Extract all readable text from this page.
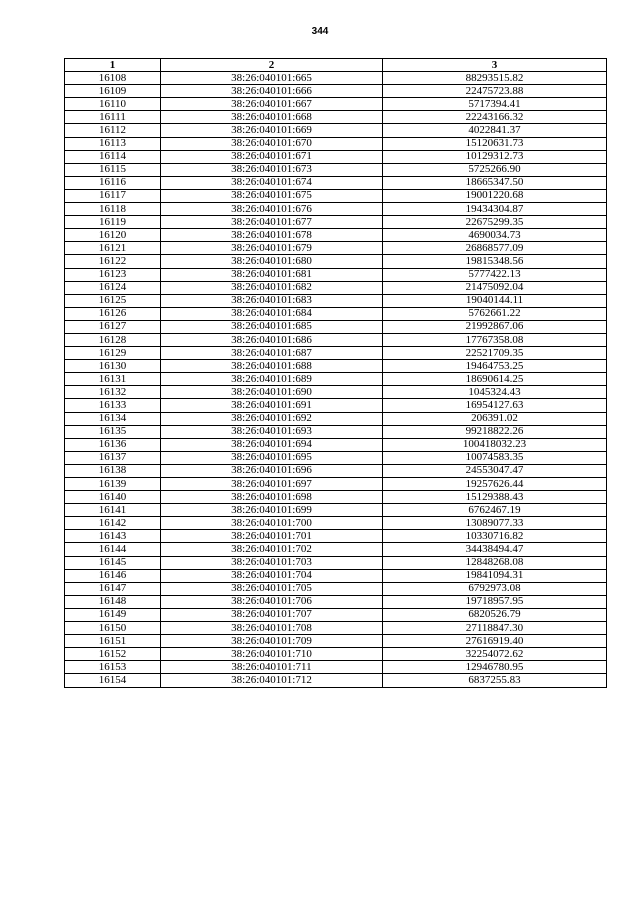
344
1	2	3
16108	38:26:040101:665	88293515.82
16109	38:26:040101:666	22475723.88
16110	38:26:040101:667	5717394.41
16111	38:26:040101:668	22243166.32
16112	38:26:040101:669	4022841.37
16113	38:26:040101:670	15120631.73
16114	38:26:040101:671	10129312.73
16115	38:26:040101:673	5725266.90
16116	38:26:040101:674	18665347.50
16117	38:26:040101:675	19001220.68
16118	38:26:040101:676	19434304.87
16119	38:26:040101:677	22675299.35
16120	38:26:040101:678	4690034.73
16121	38:26:040101:679	26868577.09
16122	38:26:040101:680	19815348.56
16123	38:26:040101:681	5777422.13
16124	38:26:040101:682	21475092.04
16125	38:26:040101:683	19040144.11
16126	38:26:040101:684	5762661.22
16127	38:26:040101:685	21992867.06
16128	38:26:040101:686	17767358.08
16129	38:26:040101:687	22521709.35
16130	38:26:040101:688	19464753.25
16131	38:26:040101:689	18690614.25
16132	38:26:040101:690	1045324.43
16133	38:26:040101:691	16954127.63
16134	38:26:040101:692	206391.02
16135	38:26:040101:693	99218822.26
16136	38:26:040101:694	100418032.23
16137	38:26:040101:695	10074583.35
16138	38:26:040101:696	24553047.47
16139	38:26:040101:697	19257626.44
16140	38:26:040101:698	15129388.43
16141	38:26:040101:699	6762467.19
16142	38:26:040101:700	13089077.33
16143	38:26:040101:701	10330716.82
16144	38:26:040101:702	34438494.47
16145	38:26:040101:703	12848268.08
16146	38:26:040101:704	19841094.31
16147	38:26:040101:705	6792973.08
16148	38:26:040101:706	19718957.95
16149	38:26:040101:707	6820526.79
16150	38:26:040101:708	27118847.30
16151	38:26:040101:709	27616919.40
16152	38:26:040101:710	32254072.62
16153	38:26:040101:711	12946780.95
16154	38:26:040101:712	6837255.83
